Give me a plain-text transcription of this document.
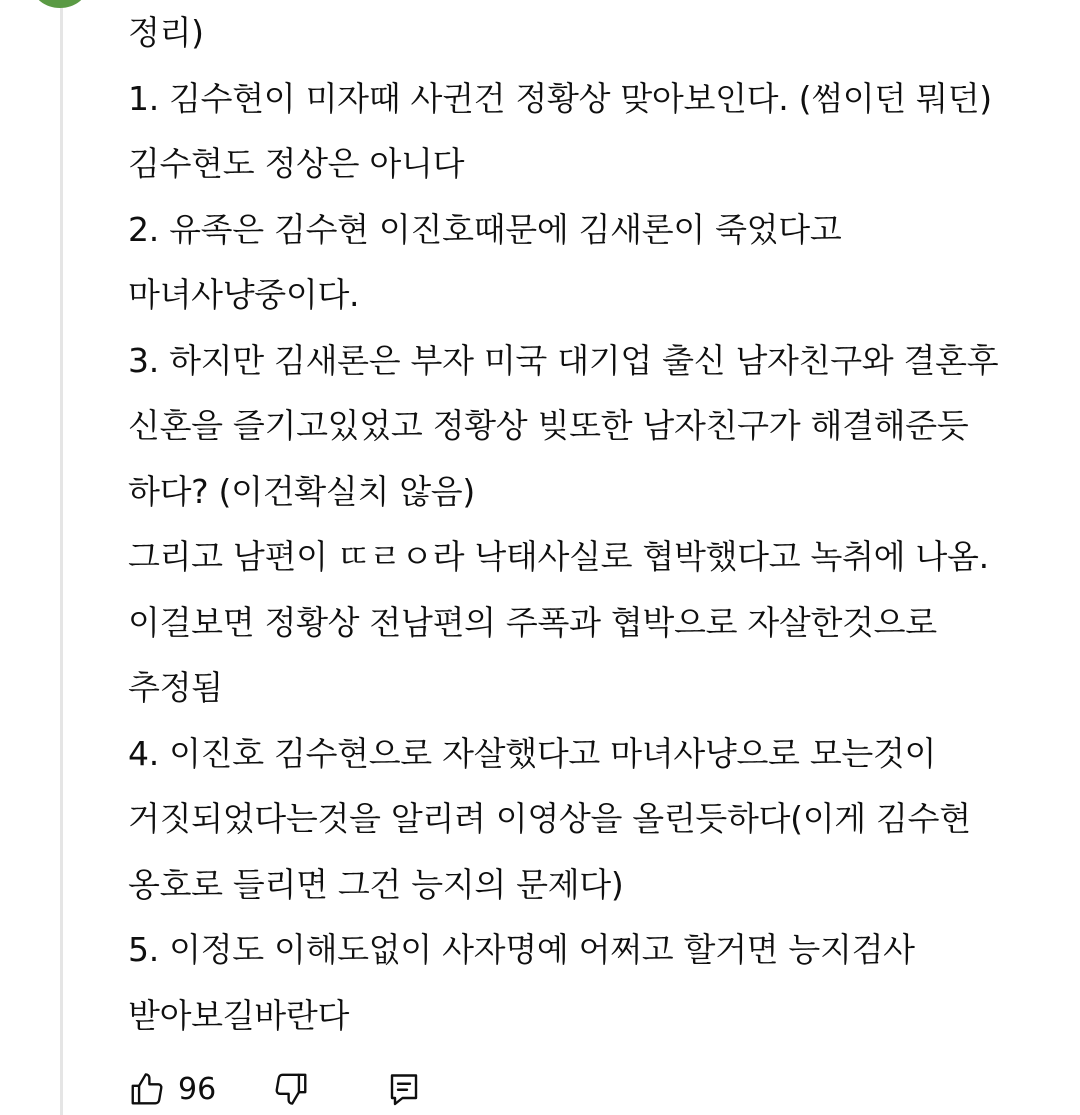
정리)
1. 김수현이 미자때 사귄건 정황상 맞아보인다. (썸이던 뭐던) 김수현도 정상은 아니다
2. 유족은 김수현 이진호때문에 김새론이 죽었다고 마녀사냥중이다.
3. 하지만 김새론은 부자 미국 대기업 출신 남자친구와 결혼후 신혼을 즐기고있었고 정황상 빚또한 남자친구가 해결해준듯 하다? (이건확실치 않음)
그리고 남편이 ㄸㄹㅇ라 낙태사실로 협박했다고 녹취에 나옴. 이걸보면 정황상 전남편의 주폭과 협박으로 자살한것으로 추정됨
4. 이진호 김수현으로 자살했다고 마녀사냥으로 모는것이 거짓되었다는것을 알리려 이영상을 올린듯하다(이게 김수현 옹호로 들리면 그건 능지의 문제다)
5. 이정도 이해도없이 사자명예 어쩌고 할거면 능지검사 받아보길바란다

96
